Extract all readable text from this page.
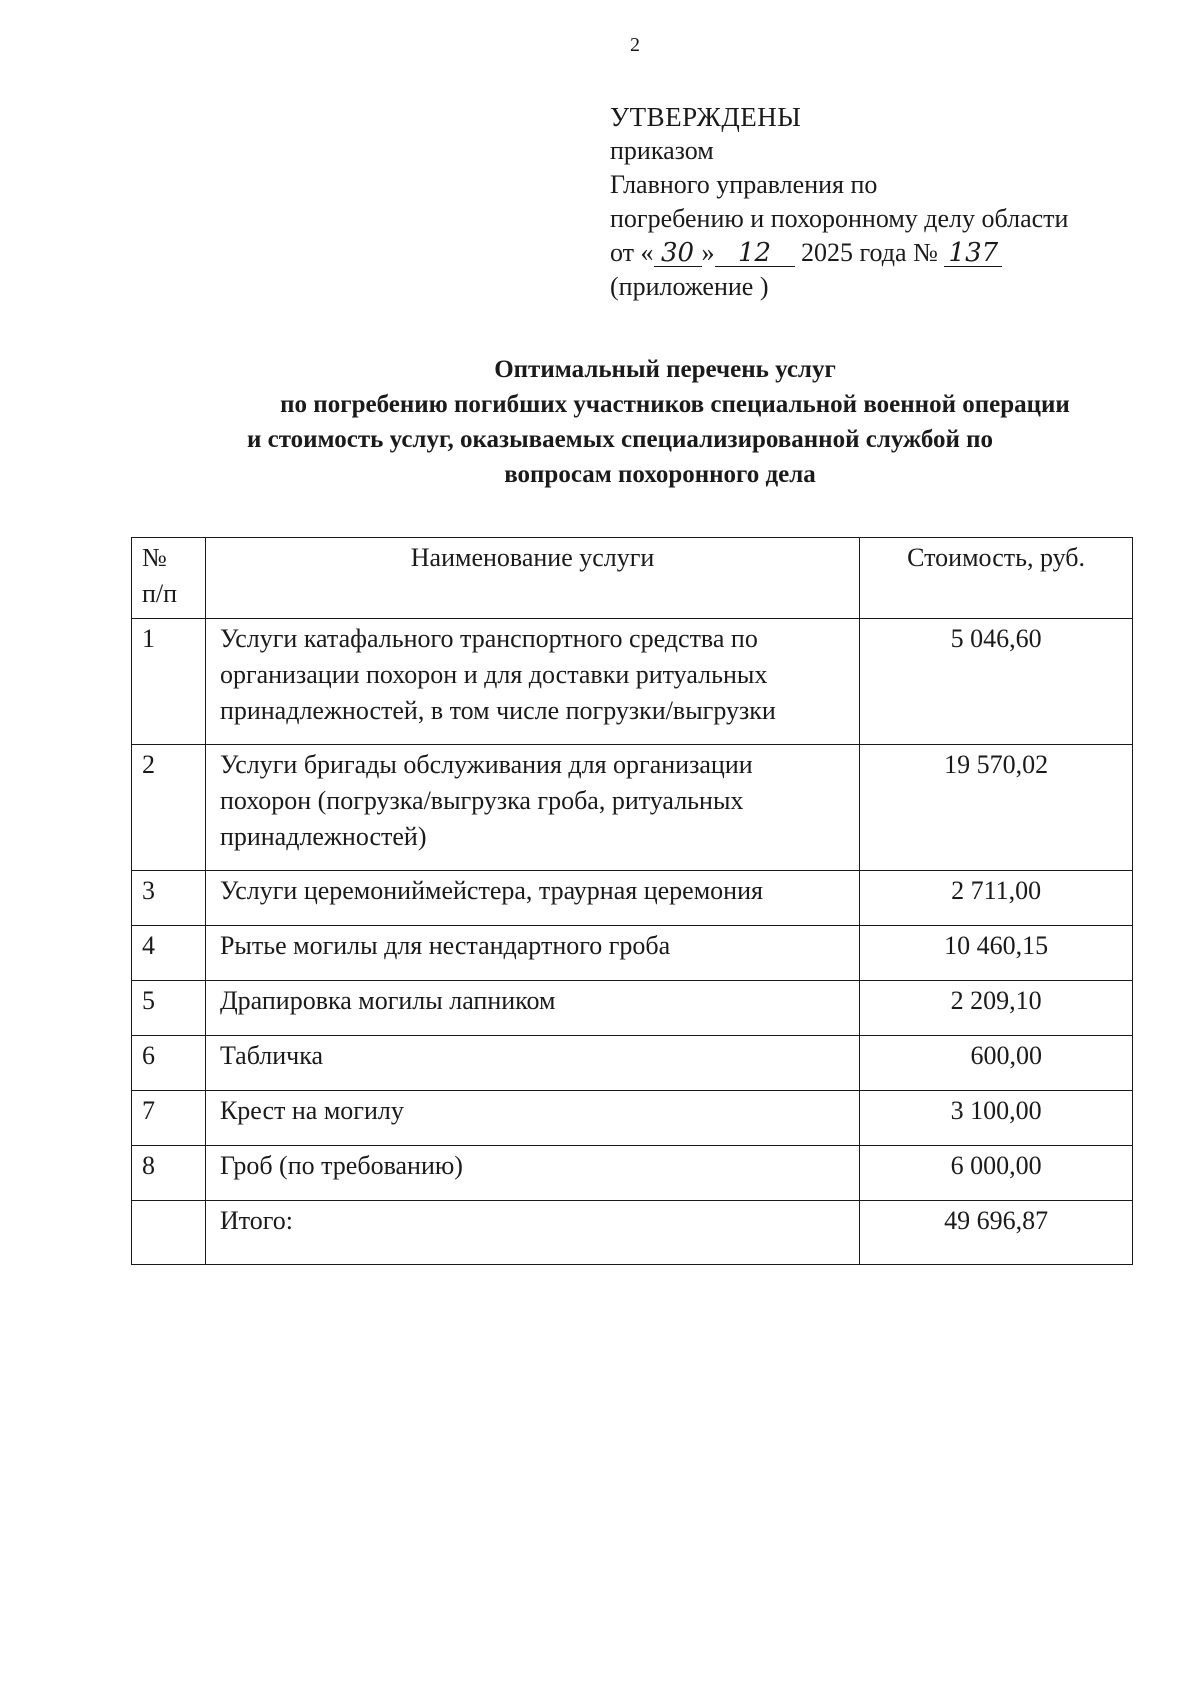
2
УТВЕРЖДЕНЫ
приказом
Главного управления по
погребению и похоронному делу области
от « 30 » 12 2025 года № 137
(приложение )
Оптимальный перечень услуг
по погребению погибших участников специальной военной операции
и стоимость услуг, оказываемых специализированной службой по
вопросам похоронного дела
№
п/п	Наименование услуги	Стоимость, руб.
1	Услуги катафального транспортного средства по организации похорон и для доставки ритуальных принадлежностей, в том числе погрузки/выгрузки	5 046,60
2	Услуги бригады обслуживания для организации похорон (погрузка/выгрузка гроба, ритуальных принадлежностей)	19 570,02
3	Услуги церемониймейстера, траурная церемония	2 711,00
4	Рытье могилы для нестандартного гроба	10 460,15
5	Драпировка могилы лапником	2 209,10
6	Табличка	600,00
7	Крест на могилу	3 100,00
8	Гроб (по требованию)	6 000,00
	Итого:	49 696,87
